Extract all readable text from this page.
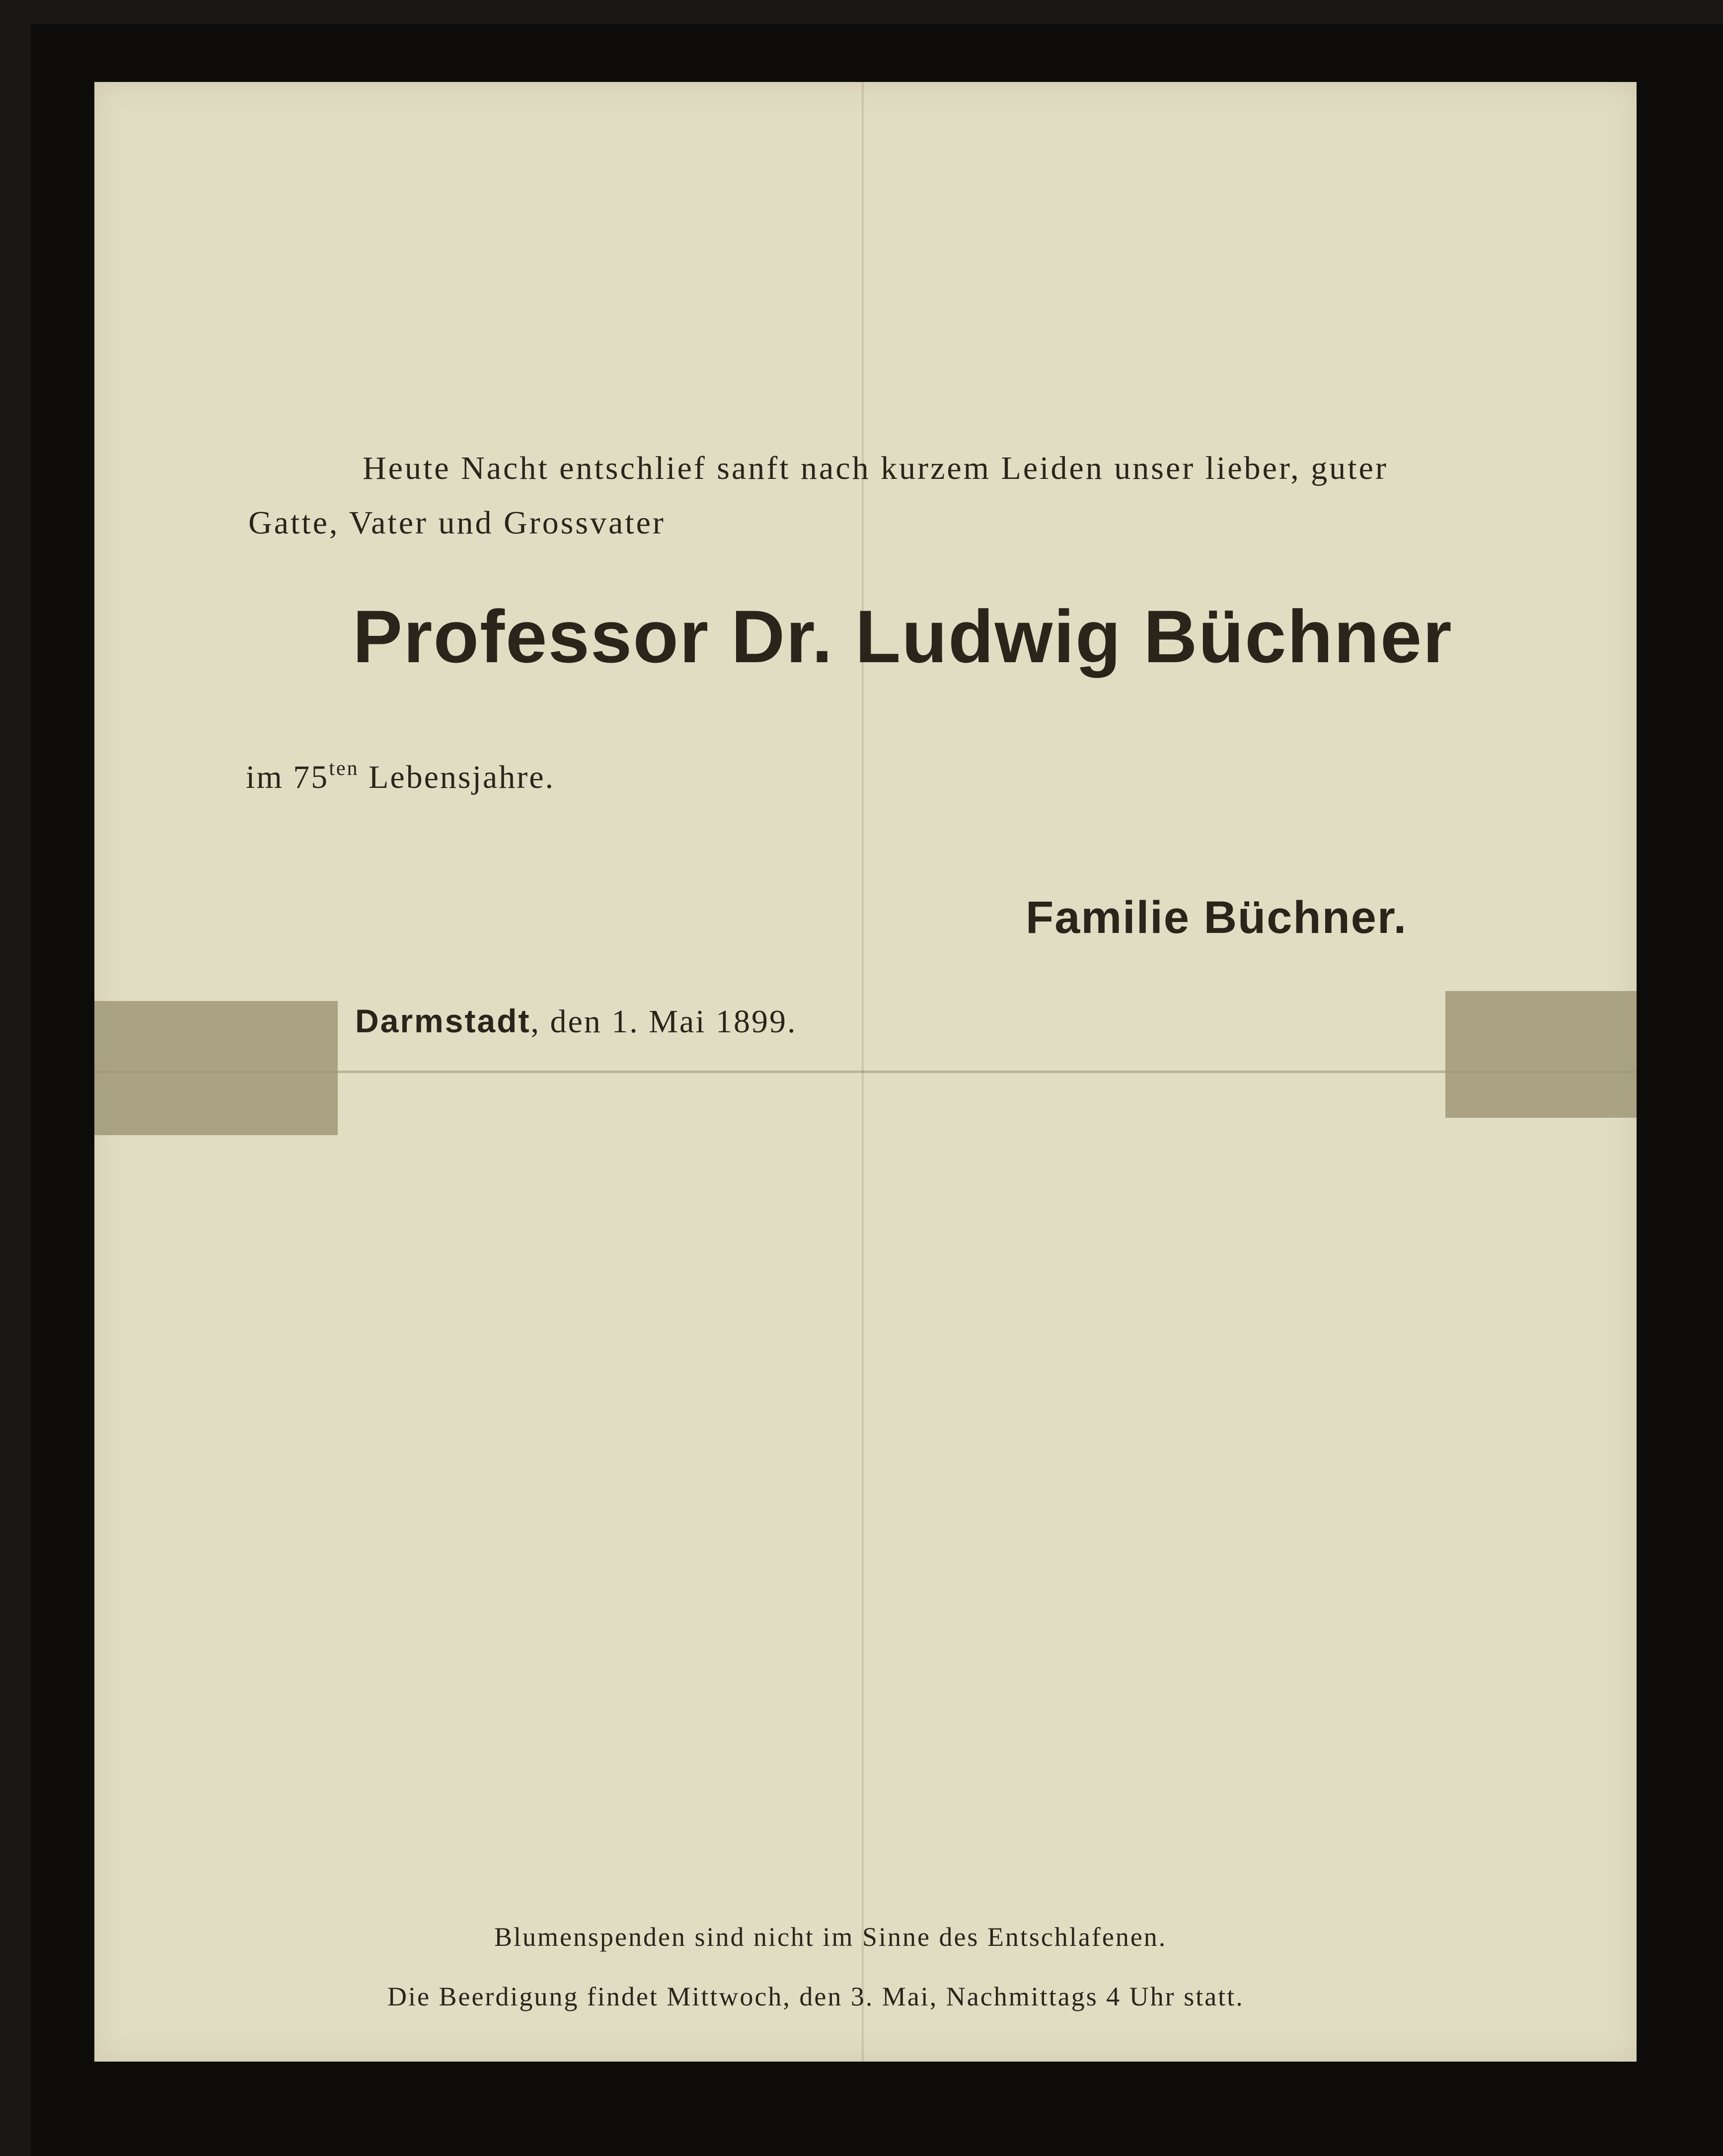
Heute Nacht entschlief sanft nach kurzem Leiden unser lieber, guter
Gatte, Vater und Grossvater
Professor Dr. Ludwig Büchner
im $75^{ten}$ Lebensjahre.
Familie Büchner.
Darmstadt, den 1. Mai 1899.
Blumenspenden sind nicht im Sinne des Entschlafenen.
Die Beerdigung findet Mittwoch, den 3. Mai, Nachmittags 4 Uhr statt.
